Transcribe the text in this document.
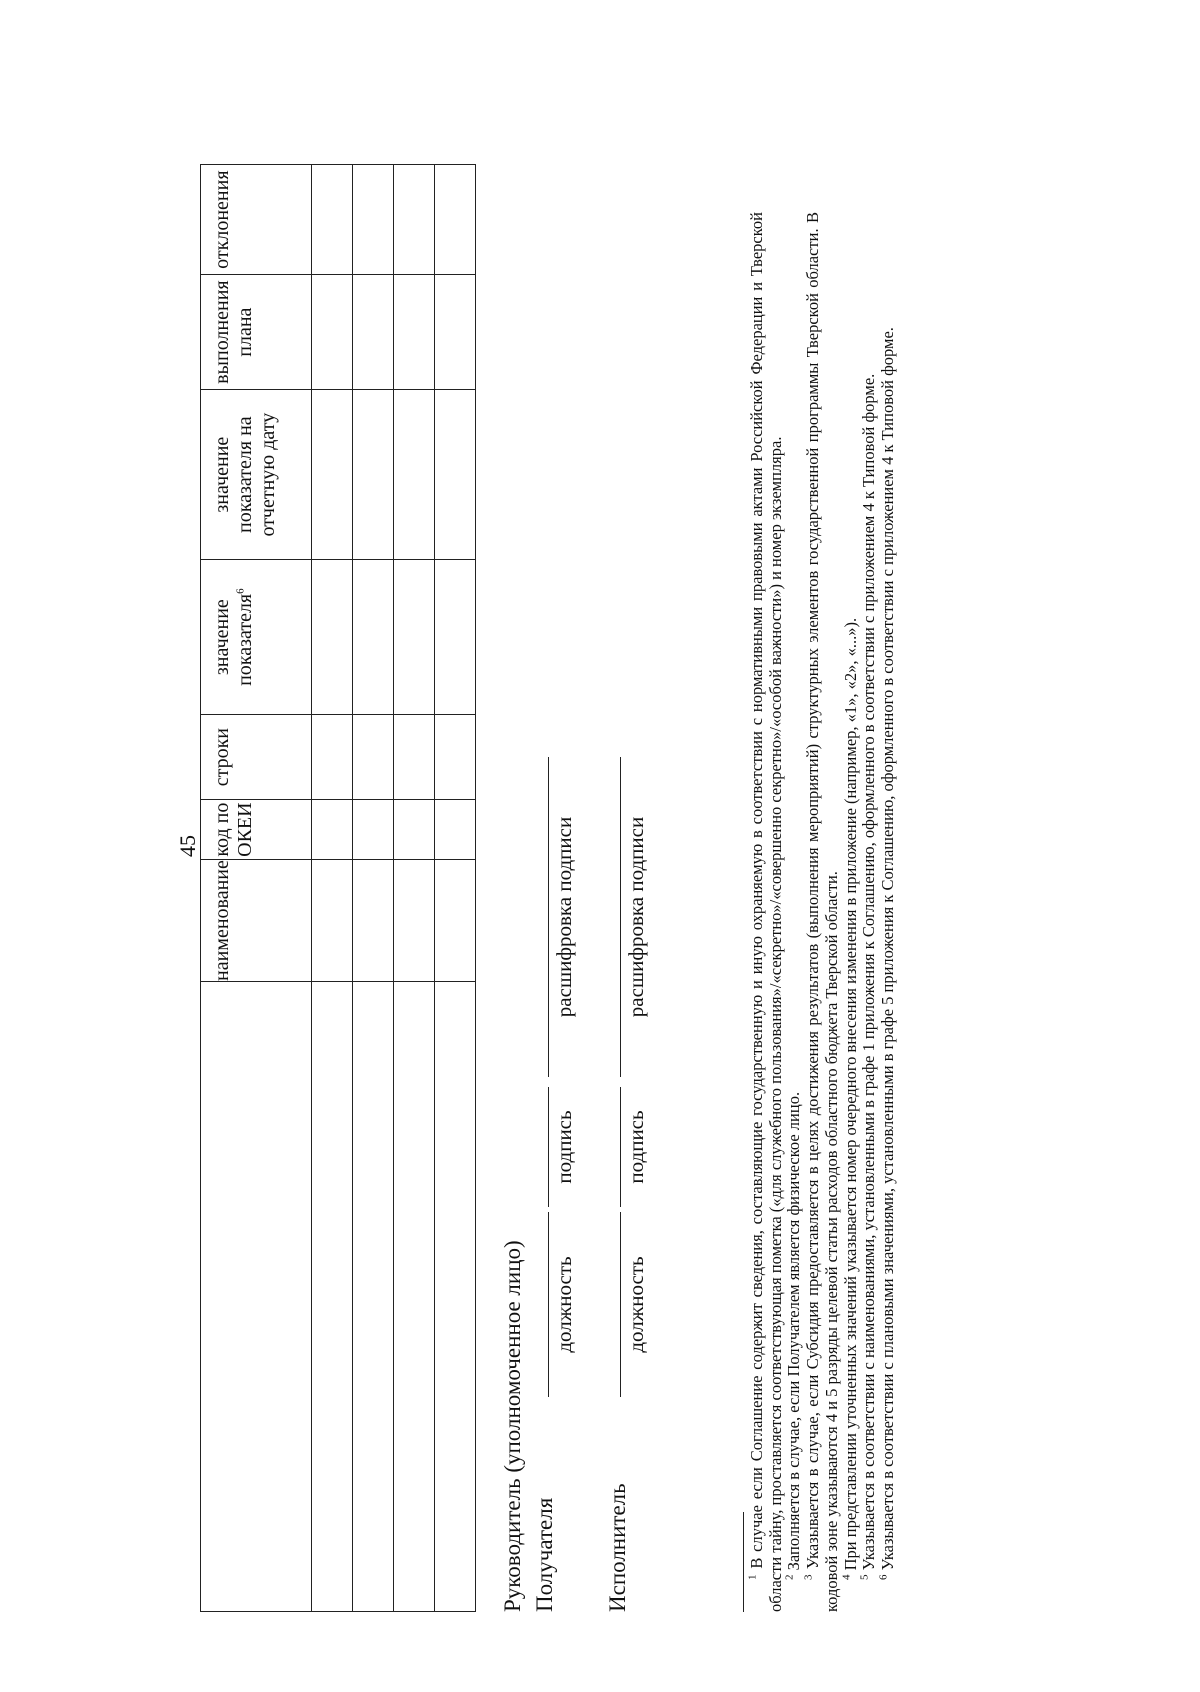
45
	наименование	код по ОКЕИ	строки	значение показателя$^6$	значение показателя на отчетную дату	выполнения плана	отклонения

Руководитель (уполномоченное лицо) Получателя Исполнитель
должность
подпись
расшифровка подписи
должность
подпись
расшифровка подписи

$^1$ В случае если Соглашение содержит сведения, составляющие государственную и иную охраняемую в соответствии с нормативными правовыми актами Российской Федерации и Тверской области тайну, проставляется соответствующая пометка («для служебного пользования»/«секретно»/«совершенно секретно»/«особой важности») и номер экземпляра. $^2$ Заполняется в случае, если Получателем является физическое лицо.

$^3$ Указывается в случае, если Субсидия предоставляется в целях достижения результатов (выполнения мероприятий) структурных элементов государственной программы Тверской области. В кодовой зоне указываются 4 и 5 разряды целевой статьи расходов областного бюджета Тверской области. $^4$ При представлении уточненных значений указывается номер очередного внесения изменения в приложение (например, «1», «2», «...»).

$^5$ Указывается в соответствии с наименованиями, установленными в графе 1 приложения к Соглашению, оформленного в соответствии с приложением 4 к Типовой форме.

$^6$ Указывается в соответствии с плановыми значениями, установленными в графе 5 приложения к Соглашению, оформленного в соответствии с приложением 4 к Типовой форме.
